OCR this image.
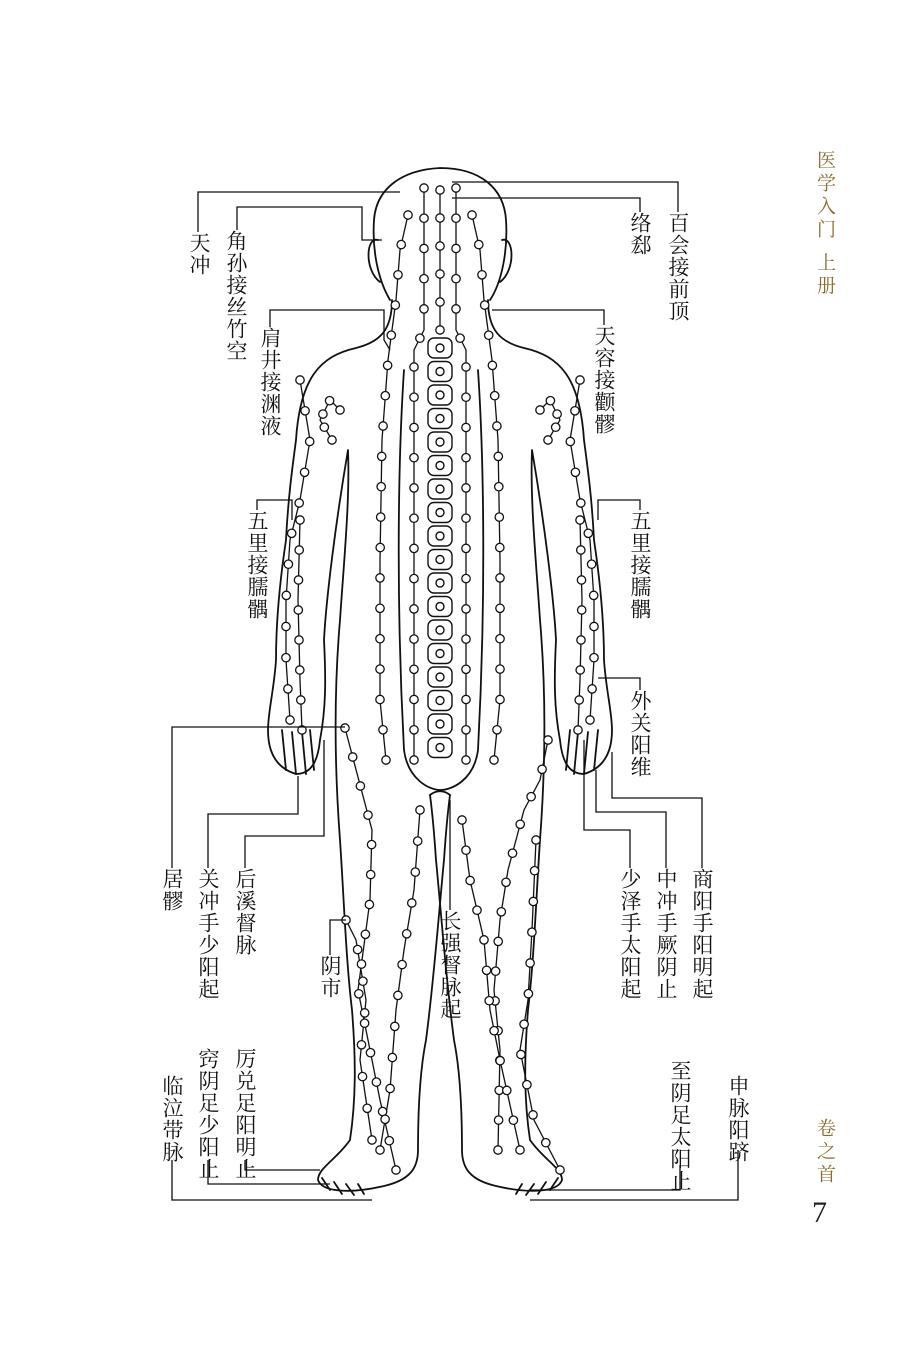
医学入门 上册
卷之首
7
天冲 角孙接丝竹空
肩井接渊液
五里接臑髃
居髎 关冲手少阳起 后溪督脉
阴市	长强督脉起
临泣带脉 窍阴足少阳止 厉兑足阳明止
络郄 百会接前顶
天容接颧髎
五里接臑髃
外关阳维
商阳手阳明起
中冲手厥阴止
少泽手太阳起
至阴足太阳止 申脉阳跻
